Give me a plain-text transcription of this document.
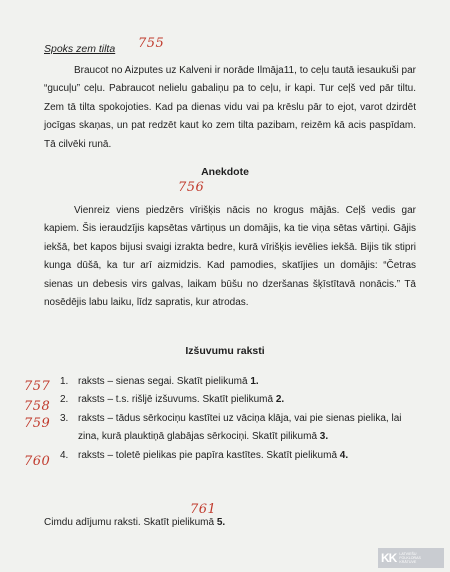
Spoks zem tilta 755

Braucot no Aizputes uz Kalveni ir norāde Ilmāja11, to ceļu tautā iesaukuši par “gucuļu” ceļu. Pabraucot nelielu gabaliņu pa to ceļu, ir kapi. Tur ceļš ved pār tiltu. Zem tā tilta spokojoties. Kad pa dienas vidu vai pa krēslu pār to ejot, varot dzirdēt jocīgas skaņas, un pat redzēt kaut ko zem tilta pazibam, reizēm kā acis paspīdam. Tā cilvēki runā.

Anekdote
756

Vienreiz viens piedzērs vīrišķis nācis no krogus mājās. Ceļš vedis gar kapiem. Šis ieraudzījis kapsētas vārtiņus un domājis, ka tie viņa sētas vārtiņi. Gājis iekšā, bet kapos bijusi svaigi izrakta bedre, kurā vīrišķis ievēlies iekšā. Bijis tik stipri kunga dūšā, ka tur arī aizmidzis. Kad pamodies, skatījies un domājis: “Četras sienas un debesis virs galvas, laikam būšu no dzeršanas šķīstītavā nonācis.” Tā nosēdējis labu laiku, līdz sapratis, kur atrodas.

Izšuvumu raksti
757
758
759
760
1. raksts – sienas segai. Skatīt pielikumā 1.
2. raksts – t.s. rišljē izšuvums. Skatīt pielikumā 2.
3. raksts – tādus sērkociņu kastītei uz vāciņa klāja, vai pie sienas pielika, lai zina, kurā plauktiņā glabājas sērkociņi. Skatīt pilikumā 3.
4. raksts – toletē pielikas pie papīra kastītes. Skatīt pielikumā 4.
761
Cimdu adījumu raksti. Skatīt pielikumā 5.
KK LATVIEŠU
FOLKLORAS
KRĀTUVE
